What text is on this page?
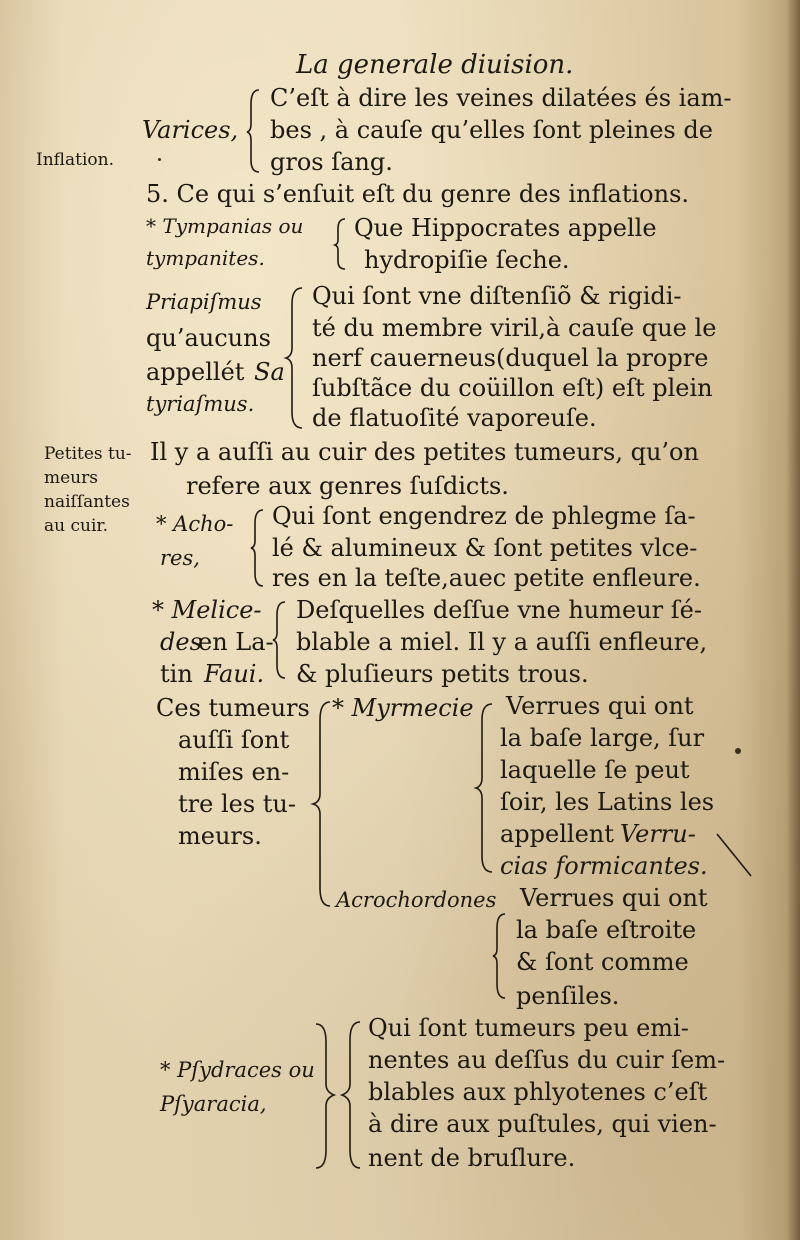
La generale diuision.
Inflation.
Petites tu-
meurs
naiſſantes
au cuir.
Varices,
C’eſt à dire les veines dilatées és iam-
bes , à cauſe qu’elles ſont pleines de
gros ſang.
5. Ce qui s’enſuit eſt du genre des inflations.
* Tympanias ou
tympanites.
Que Hippocrates appelle
hydropiſie ſeche.
Priapiſmus
qu’aucuns
appellét Sa
tyriaſmus.
Qui ſont vne diſtenſiõ & rigidi-
té du membre viril,à cauſe que le
nerf cauerneus(duquel la propre
ſubſtãce du coüillon eſt) eſt plein
de flatuoſité vaporeuſe.
Il y a auſſi au cuir des petites tumeurs, qu’on
refere aux genres ſuſdicts.
* Acho-
res,
Qui ſont engendrez de phlegme ſa-
lé & alumineux & ſont petites vlce-
res en la teſte,auec petite enfleure.
* Melice-
des
en La-
tin Faui.
Deſquelles deſſue vne humeur ſé-
blable a miel. Il y a auſſi enfleure,
& pluſieurs petits trous.
Ces tumeurs
auſſi ſont
miſes en-
tre les tu-
meurs.
* Myrmecie Verrues qui ont
la baſe large, ſur
laquelle ſe peut
ſoir, les Latins les
appellent Verru-
cias formicantes.
Acrochordones Verrues qui ont
la baſe eſtroite
& ſont comme
penſiles.
* Pſydraces ou
Pſyaracia,
Qui ſont tumeurs peu emi-
nentes au deſſus du cuir ſem-
blables aux phlyotenes c’eſt
à dire aux puſtules, qui vien-
nent de bruſlure.
